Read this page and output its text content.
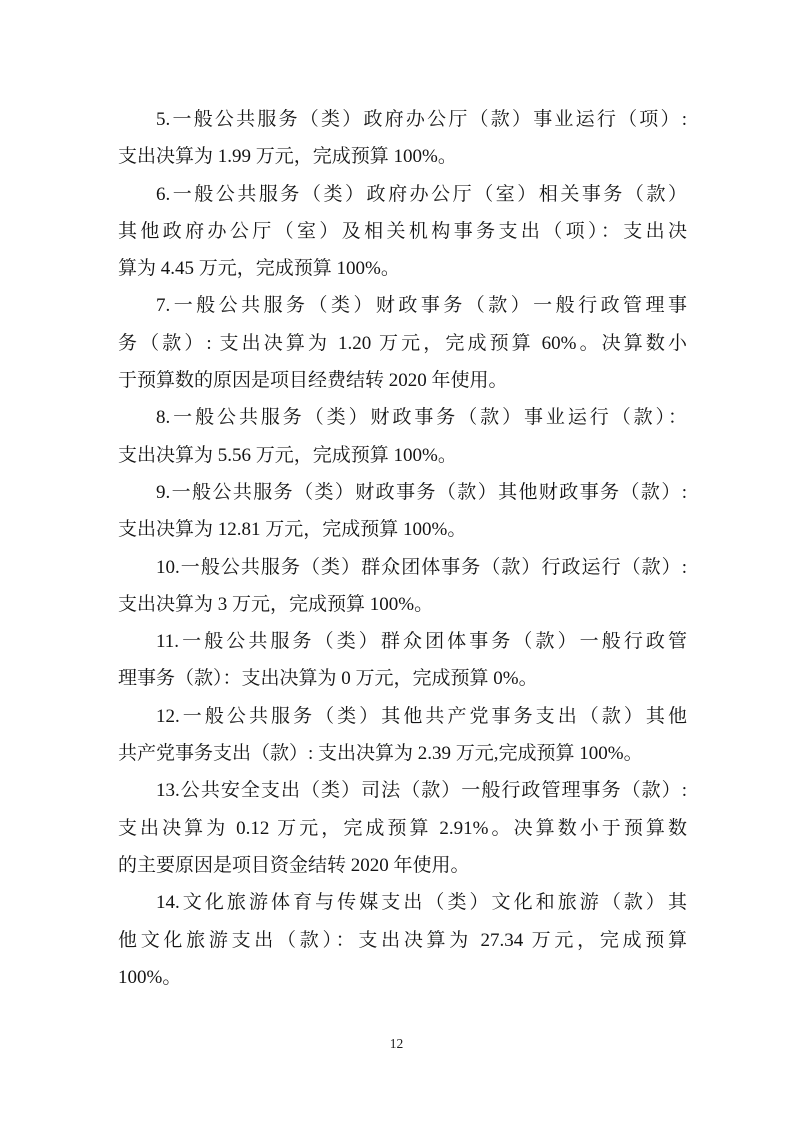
5.一般公共服务（类）政府办公厅（款）事业运行（项）:
支出决算为 1.99 万元，完成预算 100%。
6.一般公共服务（类）政府办公厅（室）相关事务（款）
其他政府办公厅（室）及相关机构事务支出（项）：支出决
算为 4.45 万元，完成预算 100%。
7.一般公共服务（类）财政事务（款）一般行政管理事
务（款）: 支出决算为 1.20 万元，完成预算 60%。决算数小
于预算数的原因是项目经费结转 2020 年使用。
8.一般公共服务（类）财政事务（款）事业运行（款）：
支出决算为 5.56 万元，完成预算 100%。
9.一般公共服务（类）财政事务（款）其他财政事务（款）:
支出决算为 12.81 万元，完成预算 100%。
10.一般公共服务（类）群众团体事务（款）行政运行（款）:
支出决算为 3 万元，完成预算 100%。
11.一般公共服务（类）群众团体事务（款）一般行政管
理事务（款）：支出决算为 0 万元，完成预算 0%。
12.一般公共服务（类）其他共产党事务支出（款）其他
共产党事务支出（款）: 支出决算为 2.39 万元,完成预算 100%。
13.公共安全支出（类）司法（款）一般行政管理事务（款）:
支出决算为 0.12 万元，完成预算 2.91%。决算数小于预算数
的主要原因是项目资金结转 2020 年使用。
14.文化旅游体育与传媒支出（类）文化和旅游（款）其
他文化旅游支出（款）：支出决算为 27.34 万元，完成预算
100%。
12
